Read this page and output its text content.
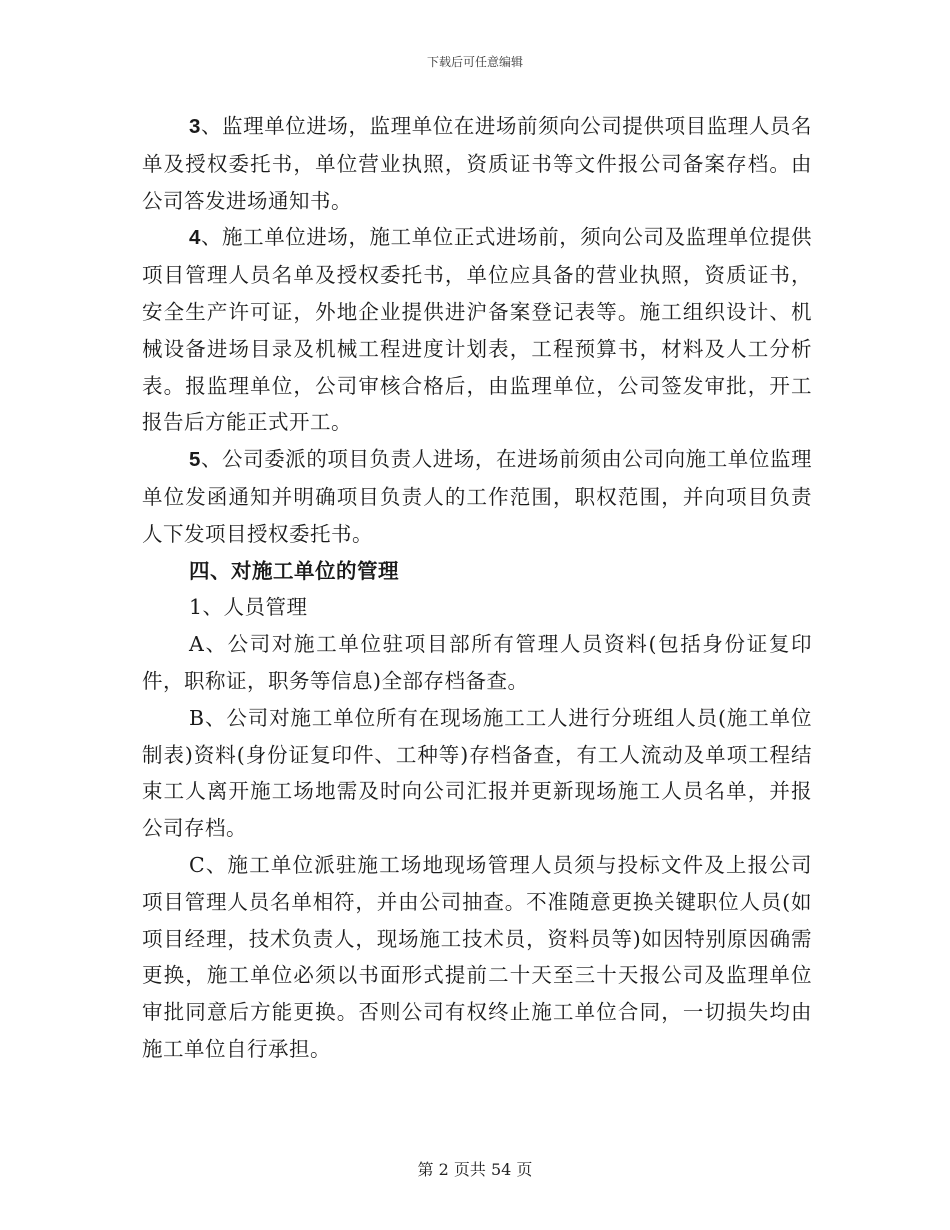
下载后可任意编辑

3、监理单位进场，监理单位在进场前须向公司提供项目监理人员名单及授权委托书，单位营业执照，资质证书等文件报公司备案存档。由公司答发进场通知书。

4、施工单位进场，施工单位正式进场前，须向公司及监理单位提供项目管理人员名单及授权委托书，单位应具备的营业执照，资质证书，安全生产许可证，外地企业提供进沪备案登记表等。施工组织设计、机械设备进场目录及机械工程进度计划表，工程预算书，材料及人工分析表。报监理单位，公司审核合格后，由监理单位，公司签发审批，开工报告后方能正式开工。

5、公司委派的项目负责人进场，在进场前须由公司向施工单位监理单位发函通知并明确项目负责人的工作范围，职权范围，并向项目负责人下发项目授权委托书。

四、对施工单位的管理

1、人员管理

A、公司对施工单位驻项目部所有管理人员资料(包括身份证复印件，职称证，职务等信息)全部存档备查。

B、公司对施工单位所有在现场施工工人进行分班组人员(施工单位制表)资料(身份证复印件、工种等)存档备查，有工人流动及单项工程结束工人离开施工场地需及时向公司汇报并更新现场施工人员名单，并报公司存档。

C、施工单位派驻施工场地现场管理人员须与投标文件及上报公司项目管理人员名单相符，并由公司抽查。不准随意更换关键职位人员(如项目经理，技术负责人，现场施工技术员，资料员等)如因特别原因确需更换，施工单位必须以书面形式提前二十天至三十天报公司及监理单位审批同意后方能更换。否则公司有权终止施工单位合同，一切损失均由施工单位自行承担。

第 2 页共 54 页
